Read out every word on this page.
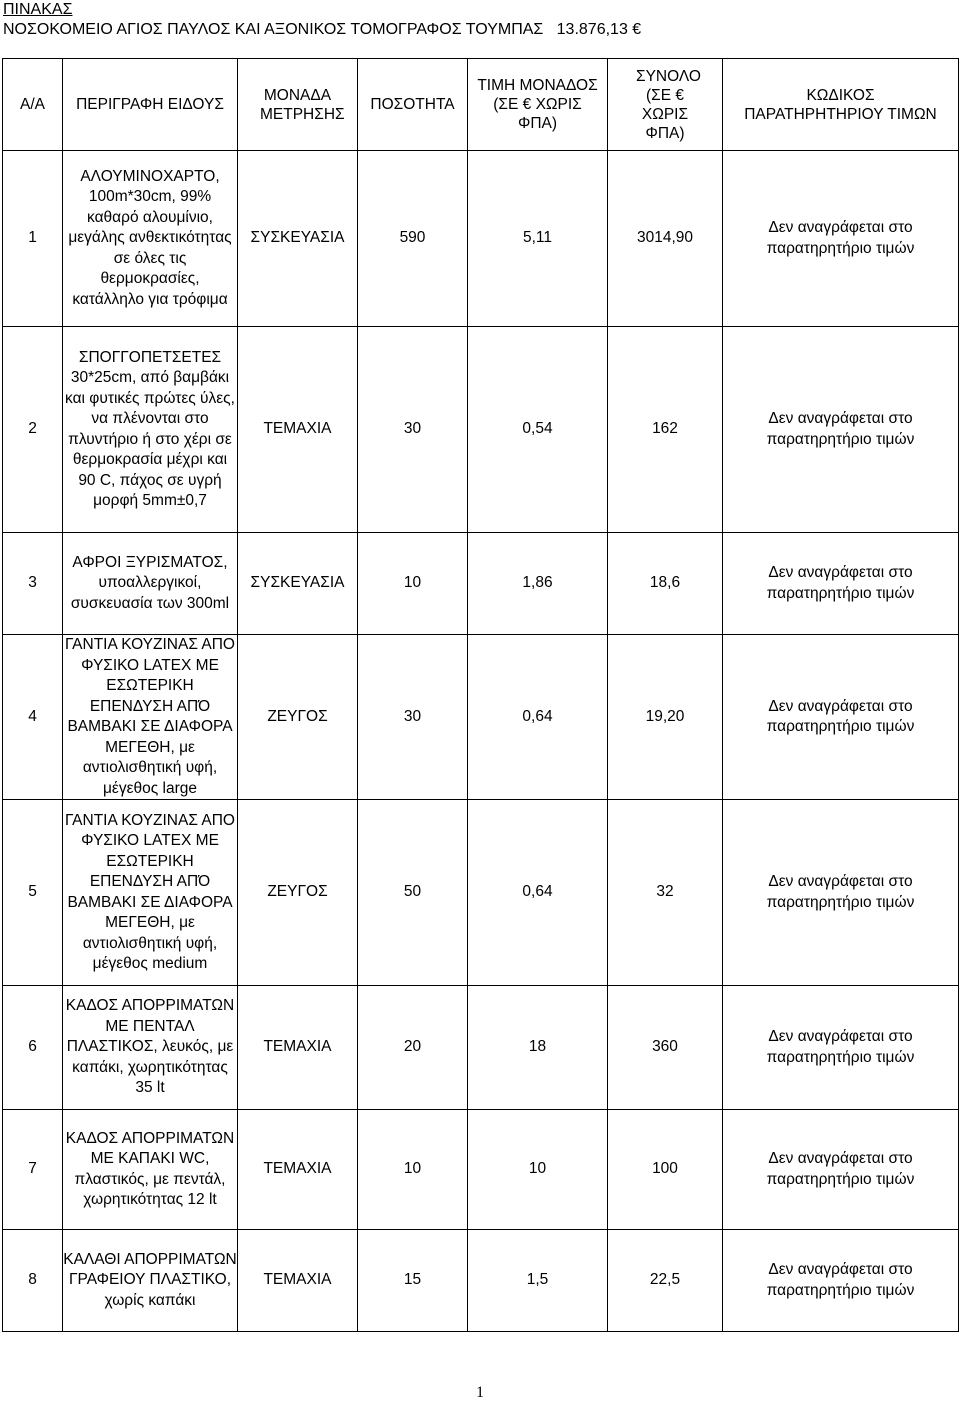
ΠΙΝΑΚΑΣ
ΝΟΣΟΚΟΜΕΙΟ ΑΓΙΟΣ ΠΑΥΛΟΣ ΚΑΙ ΑΞΟΝΙΚΟΣ ΤΟΜΟΓΡΑΦΟΣ ΤΟΥΜΠΑΣ   13.876,13 €
Α/Α	ΠΕΡΙΓΡΑΦΗ ΕΙΔΟΥΣ	ΜΟΝΑΔΑ ΜΕΤΡΗΣΗΣ	ΠΟΣΟΤΗΤΑ	ΤΙΜΗ ΜΟΝΑΔΟΣ (ΣΕ € ΧΩΡΙΣ ΦΠΑ)	ΣΥΝΟΛΟ (ΣΕ € ΧΩΡΙΣ ΦΠΑ)	ΚΩΔΙΚΟΣ ΠΑΡΑΤΗΡΗΤΗΡΙΟΥ ΤΙΜΩΝ
1	ΑΛΟΥΜΙΝΟΧΑΡΤΟ, 100m*30cm, 99% καθαρό αλουμίνιο, μεγάλης ανθεκτικότητας σε όλες τις θερμοκρασίες, κατάλληλο για τρόφιμα	ΣΥΣΚΕΥΑΣΙΑ	590	5,11	3014,90	Δεν αναγράφεται στο παρατηρητήριο τιμών
2	ΣΠΟΓΓΟΠΕΤΣΕΤΕΣ 30*25cm, από βαμβάκι και φυτικές πρώτες ύλες, να πλένονται στο πλυντήριο ή στο χέρι σε θερμοκρασία μέχρι και 90 C, πάχος σε υγρή μορφή 5mm±0,7	ΤΕΜΑΧΙΑ	30	0,54	162	Δεν αναγράφεται στο παρατηρητήριο τιμών
3	ΑΦΡΟΙ ΞΥΡΙΣΜΑΤΟΣ, υποαλλεργικοί, συσκευασία των 300ml	ΣΥΣΚΕΥΑΣΙΑ	10	1,86	18,6	Δεν αναγράφεται στο παρατηρητήριο τιμών
4	ΓΑΝΤΙΑ ΚΟΥΖΙΝΑΣ ΑΠΟ ΦΥΣΙΚΟ LATEX ΜΕ ΕΣΩΤΕΡΙΚΗ ΕΠΕΝΔΥΣΗ ΑΠΌ ΒΑΜΒΑΚΙ ΣΕ ΔΙΑΦΟΡΑ ΜΕΓΕΘΗ, με αντιολισθητική υφή, μέγεθος large	ΖΕΥΓΟΣ	30	0,64	19,20	Δεν αναγράφεται στο παρατηρητήριο τιμών
5	ΓΑΝΤΙΑ ΚΟΥΖΙΝΑΣ ΑΠΟ ΦΥΣΙΚΟ LATEX ΜΕ ΕΣΩΤΕΡΙΚΗ ΕΠΕΝΔΥΣΗ ΑΠΌ ΒΑΜΒΑΚΙ ΣΕ ΔΙΑΦΟΡΑ ΜΕΓΕΘΗ, με αντιολισθητική υφή, μέγεθος medium	ΖΕΥΓΟΣ	50	0,64	32	Δεν αναγράφεται στο παρατηρητήριο τιμών
6	ΚΑΔΟΣ ΑΠΟΡΡΙΜΑΤΩΝ ΜΕ ΠΕΝΤΑΛ ΠΛΑΣΤΙΚΟΣ, λευκός, με καπάκι, χωρητικότητας 35 lt	ΤΕΜΑΧΙΑ	20	18	360	Δεν αναγράφεται στο παρατηρητήριο τιμών
7	ΚΑΔΟΣ ΑΠΟΡΡΙΜΑΤΩΝ ΜΕ ΚΑΠΑΚΙ WC, πλαστικός, με πεντάλ, χωρητικότητας 12 lt	ΤΕΜΑΧΙΑ	10	10	100	Δεν αναγράφεται στο παρατηρητήριο τιμών
8	ΚΑΛΑΘΙ ΑΠΟΡΡΙΜΑΤΩΝ ΓΡΑΦΕΙΟΥ ΠΛΑΣΤΙΚΟ, χωρίς καπάκι	ΤΕΜΑΧΙΑ	15	1,5	22,5	Δεν αναγράφεται στο παρατηρητήριο τιμών
1
